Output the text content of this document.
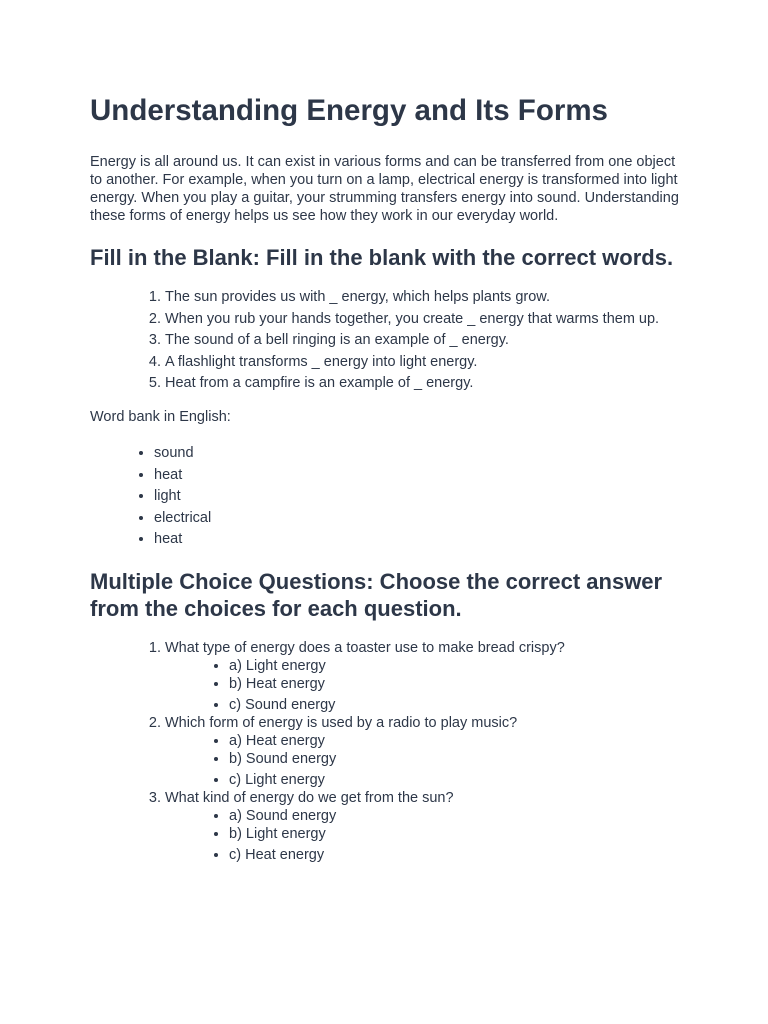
Understanding Energy and Its Forms

Energy is all around us. It can exist in various forms and can be transferred from one object to another. For example, when you turn on a lamp, electrical energy is transformed into light energy. When you play a guitar, your strumming transfers energy into sound. Understanding these forms of energy helps us see how they work in our everyday world.

Fill in the Blank: Fill in the blank with the correct words.
1. The sun provides us with _ energy, which helps plants grow.
2. When you rub your hands together, you create _ energy that warms them up.
3. The sound of a bell ringing is an example of _ energy.
4. A flashlight transforms _ energy into light energy.
5. Heat from a campfire is an example of _ energy.

Word bank in English:

• sound
• heat
• light
• electrical
• heat
Multiple Choice Questions: Choose the correct answer from the choices for each question.
1. What type of energy does a toaster use to make bread crispy?
• a) Light energy
• b) Heat energy
• c) Sound energy
2. Which form of energy is used by a radio to play music?
• a) Heat energy
• b) Sound energy
• c) Light energy
3. What kind of energy do we get from the sun?
• a) Sound energy
• b) Light energy
• c) Heat energy
